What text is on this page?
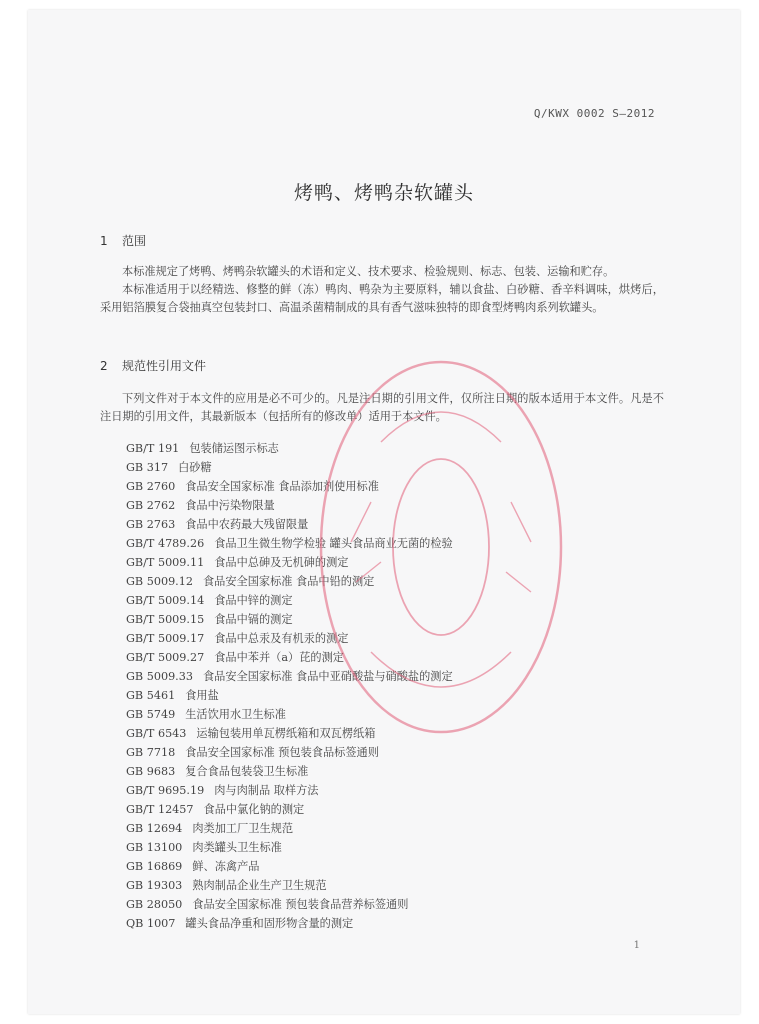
Q/KWX 0002 S—2012
烤鸭、烤鸭杂软罐头
1 范围
本标准规定了烤鸭、烤鸭杂软罐头的术语和定义、技术要求、检验规则、标志、包装、运输和贮存。
本标准适用于以经精选、修整的鲜（冻）鸭肉、鸭杂为主要原料，辅以食盐、白砂糖、香辛料调味，烘烤后，采用铝箔膜复合袋抽真空包装封口、高温杀菌精制成的具有香气滋味独特的即食型烤鸭肉系列软罐头。
2 规范性引用文件
下列文件对于本文件的应用是必不可少的。凡是注日期的引用文件，仅所注日期的版本适用于本文件。凡是不注日期的引用文件，其最新版本（包括所有的修改单）适用于本文件。
GB/T 191 包装储运图示标志
GB 317 白砂糖
GB 2760 食品安全国家标准 食品添加剂使用标准
GB 2762 食品中污染物限量
GB 2763 食品中农药最大残留限量
GB/T 4789.26 食品卫生微生物学检验 罐头食品商业无菌的检验
GB/T 5009.11 食品中总砷及无机砷的测定
GB 5009.12 食品安全国家标准 食品中铅的测定
GB/T 5009.14 食品中锌的测定
GB/T 5009.15 食品中镉的测定
GB/T 5009.17 食品中总汞及有机汞的测定
GB/T 5009.27 食品中苯并（a）芘的测定
GB 5009.33 食品安全国家标准 食品中亚硝酸盐与硝酸盐的测定
GB 5461 食用盐
GB 5749 生活饮用水卫生标准
GB/T 6543 运输包装用单瓦楞纸箱和双瓦楞纸箱
GB 7718 食品安全国家标准 预包装食品标签通则
GB 9683 复合食品包装袋卫生标准
GB/T 9695.19 肉与肉制品 取样方法
GB/T 12457 食品中氯化钠的测定
GB 12694 肉类加工厂卫生规范
GB 13100 肉类罐头卫生标准
GB 16869 鲜、冻禽产品
GB 19303 熟肉制品企业生产卫生规范
GB 28050 食品安全国家标准 预包装食品营养标签通则
QB 1007 罐头食品净重和固形物含量的测定
1
